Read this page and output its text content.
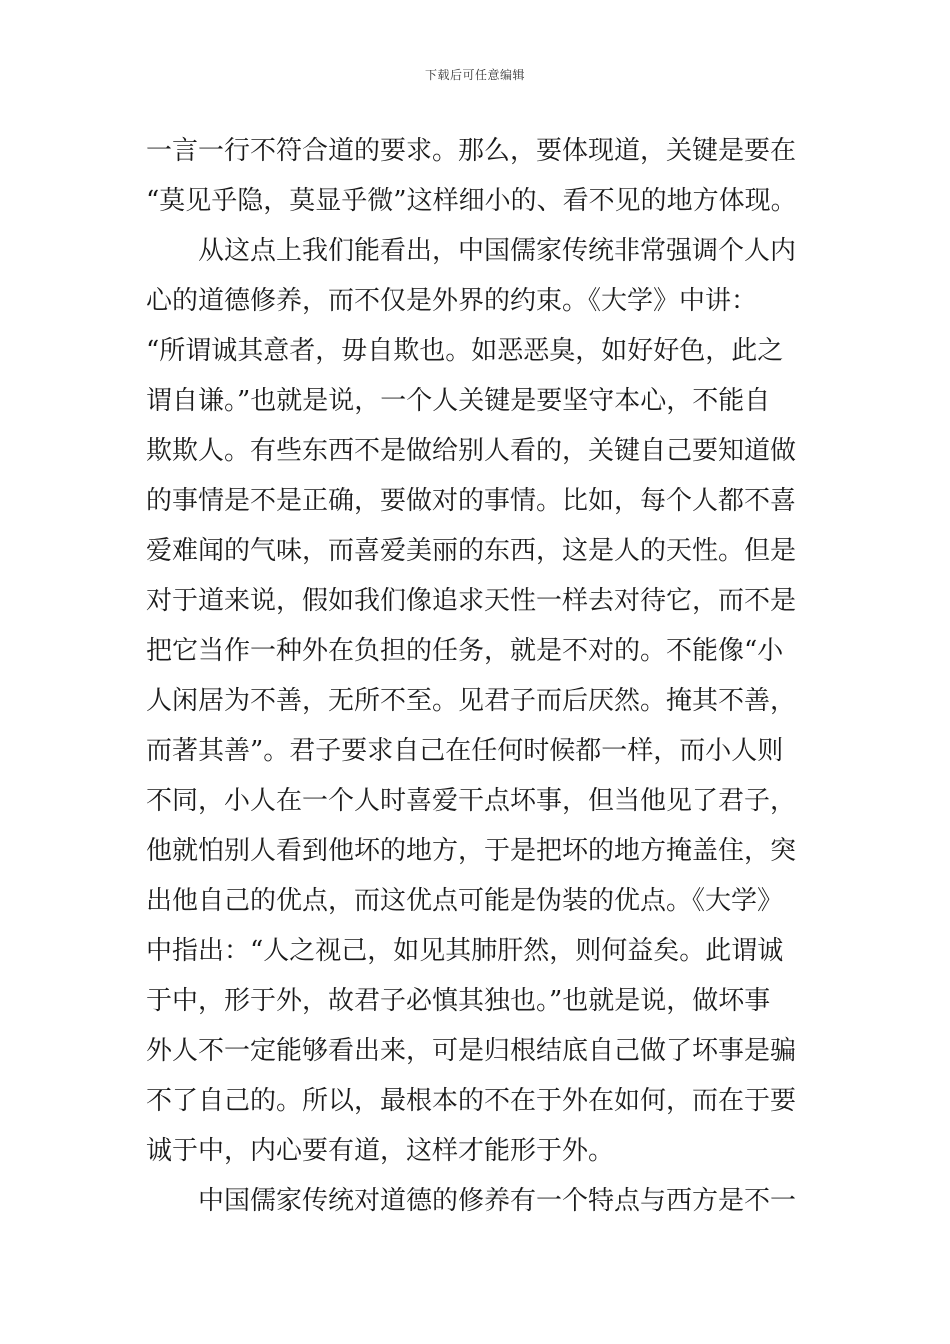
下载后可任意编辑
一言一行不符合道的要求。那么，要体现道，关键是要在
“莫见乎隐，莫显乎微”这样细小的、看不见的地方体现。
从这点上我们能看出，中国儒家传统非常强调个人内
心的道德修养，而不仅是外界的约束。《大学》中讲：
“所谓诚其意者，毋自欺也。如恶恶臭，如好好色，此之
谓自谦。”也就是说，一个人关键是要坚守本心，不能自
欺欺人。有些东西不是做给别人看的，关键自己要知道做
的事情是不是正确，要做对的事情。比如，每个人都不喜
爱难闻的气味，而喜爱美丽的东西，这是人的天性。但是
对于道来说，假如我们像追求天性一样去对待它，而不是
把它当作一种外在负担的任务，就是不对的。不能像“小
人闲居为不善，无所不至。见君子而后厌然。掩其不善，
而著其善”。君子要求自己在任何时候都一样，而小人则
不同，小人在一个人时喜爱干点坏事，但当他见了君子，
他就怕别人看到他坏的地方，于是把坏的地方掩盖住，突
出他自己的优点，而这优点可能是伪装的优点。《大学》
中指出：“人之视己，如见其肺肝然，则何益矣。此谓诚
于中，形于外，故君子必慎其独也。”也就是说，做坏事
外人不一定能够看出来，可是归根结底自己做了坏事是骗
不了自己的。所以，最根本的不在于外在如何，而在于要
诚于中，内心要有道，这样才能形于外。
中国儒家传统对道德的修养有一个特点与西方是不一
